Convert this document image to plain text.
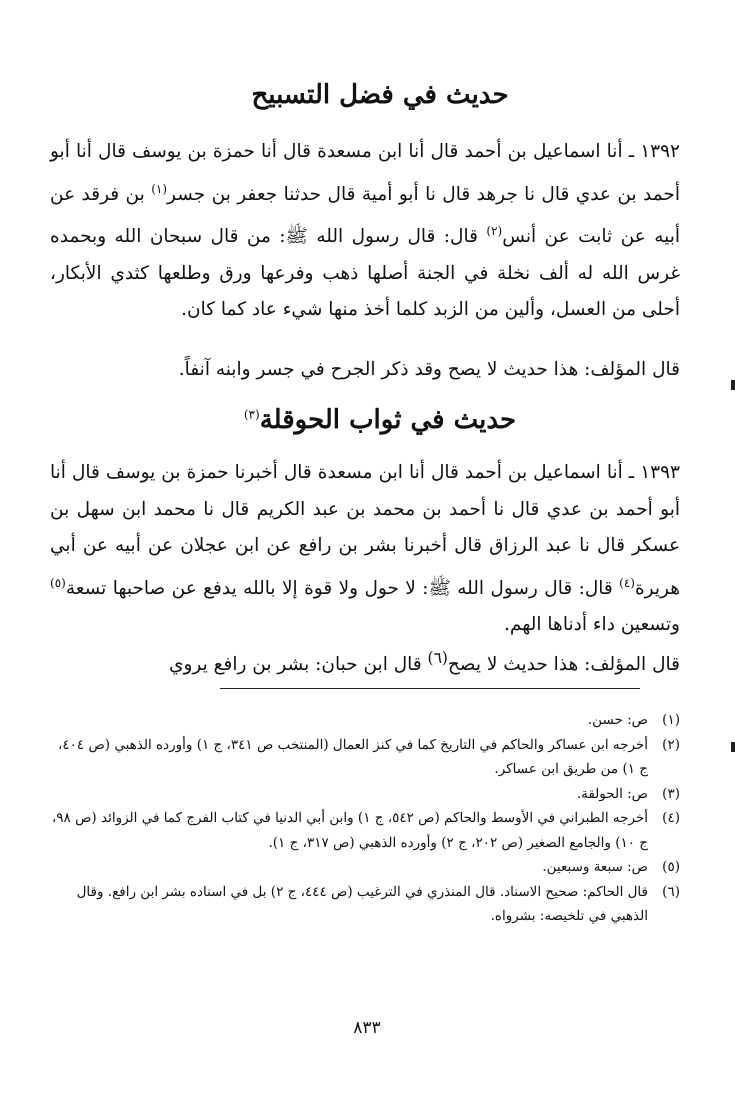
حديث في فضل التسبيح
١٣٩٢ ـ أنا اسماعيل بن أحمد قال أنا ابن مسعدة قال أنا حمزة بن يوسف قال أنا أبو أحمد بن عدي قال نا جرهد قال نا أبو أمية قال حدثنا جعفر بن جسر$^{(١)}$ بن فرقد عن أبيه عن ثابت عن أنس$^{(٢)}$ قال: قال رسول الله ﷺ: من قال سبحان الله وبحمده غرس الله له ألف نخلة في الجنة أصلها ذهب وفرعها ورق وطلعها كثدي الأبكار، أحلى من العسل، وألين من الزبد كلما أخذ منها شيء عاد كما كان.
قال المؤلف: هذا حديث لا يصح وقد ذكر الجرح في جسر وابنه آنفاً.
حديث في ثواب الحوقلة$^{(٣)}$
١٣٩٣ ـ أنا اسماعيل بن أحمد قال أنا ابن مسعدة قال أخبرنا حمزة بن يوسف قال أنا أبو أحمد بن عدي قال نا أحمد بن محمد بن عبد الكريم قال نا محمد ابن سهل بن عسكر قال نا عبد الرزاق قال أخبرنا بشر بن رافع عن ابن عجلان عن أبيه عن أبي هريرة$^{(٤)}$ قال: قال رسول الله ﷺ: لا حول ولا قوة إلا بالله يدفع عن صاحبها تسعة$^{(٥)}$ وتسعين داء أدناها الهم.
قال المؤلف: هذا حديث لا يصح$^{(٦)}$ قال ابن حبان: بشر بن رافع يروي
(١)
ص: حسن.
(٢)
أخرجه ابن عساكر والحاكم في التاريخ كما في كنز العمال (المنتخب ص ٣٤١، ج ١) وأورده الذهبي (ص ٤٠٤، ج ١) من طريق ابن عساكر.
(٣)
ص: الحولقة.
(٤)
أخرجه الطبراني في الأوسط والحاكم (ص ٥٤٢، ج ١) وابن أبي الدنيا في كتاب الفرج كما في الزوائد (ص ٩٨، ج ١٠) والجامع الصغير (ص ٢٠٢، ج ٢) وأورده الذهبي (ص ٣١٧، ج ١).
(٥)
ص: سبعة وسبعين.
(٦)
قال الحاكم: صحيح الاسناد. قال المنذري في الترغيب (ص ٤٤٤، ج ٢) بل في اسناده بشر ابن رافع. وقال الذهبي في تلخيصه: بشرواه.
٨٣٣
